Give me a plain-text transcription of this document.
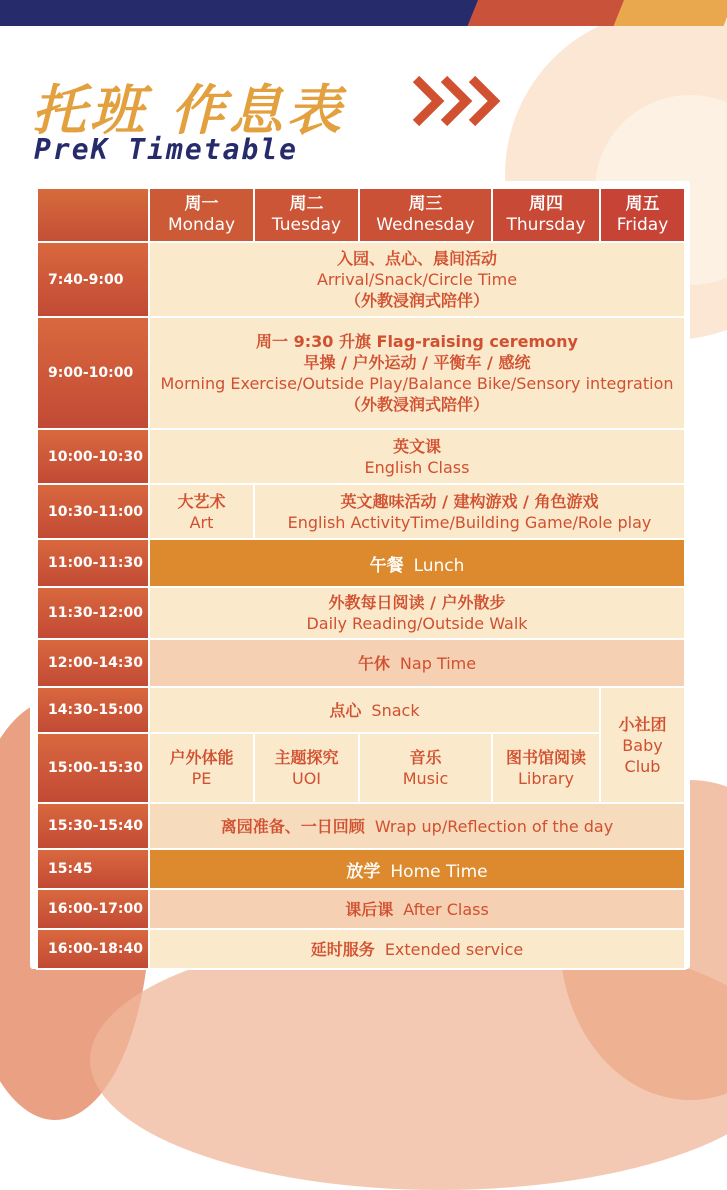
托班 作息表
PreK Timetable

	周一
Monday	周二
Tuesday	周三
Wednesday	周四
Thursday	周五
Friday

7:40-9:00	入园、点心、晨间活动
Arrival/Snack/Circle Time
（外教浸润式陪伴）				

9:00-10:00	周一 9:30 升旗 Flag-raising ceremony
早操 / 户外运动 / 平衡车 / 感统
Morning Exercise/Outside Play/Balance Bike/Sensory integration
（外教浸润式陪伴）				

10:00-10:30	英文课
English Class				

10:30-11:00	大艺术
Art	英文趣味活动 / 建构游戏 / 角色游戏
English ActivityTime/Building Game/Role play			

11:00-11:30	午餐 Lunch				
11:30-12:00	外教每日阅读 / 户外散步
Daily Reading/Outside Walk				

12:00-14:30	午休 Nap Time				
14:30-15:00	点心 Snack				小社团
Baby
Club

15:00-15:30	户外体能
PE	主题探究
UOI	音乐
Music	图书馆阅读
Library	

15:30-15:40	离园准备、一日回顾 Wrap up/Reflection of the day				
15:45	放学 Home Time				
16:00-17:00	课后课 After Class				
16:00-18:40	延时服务 Extended service				
